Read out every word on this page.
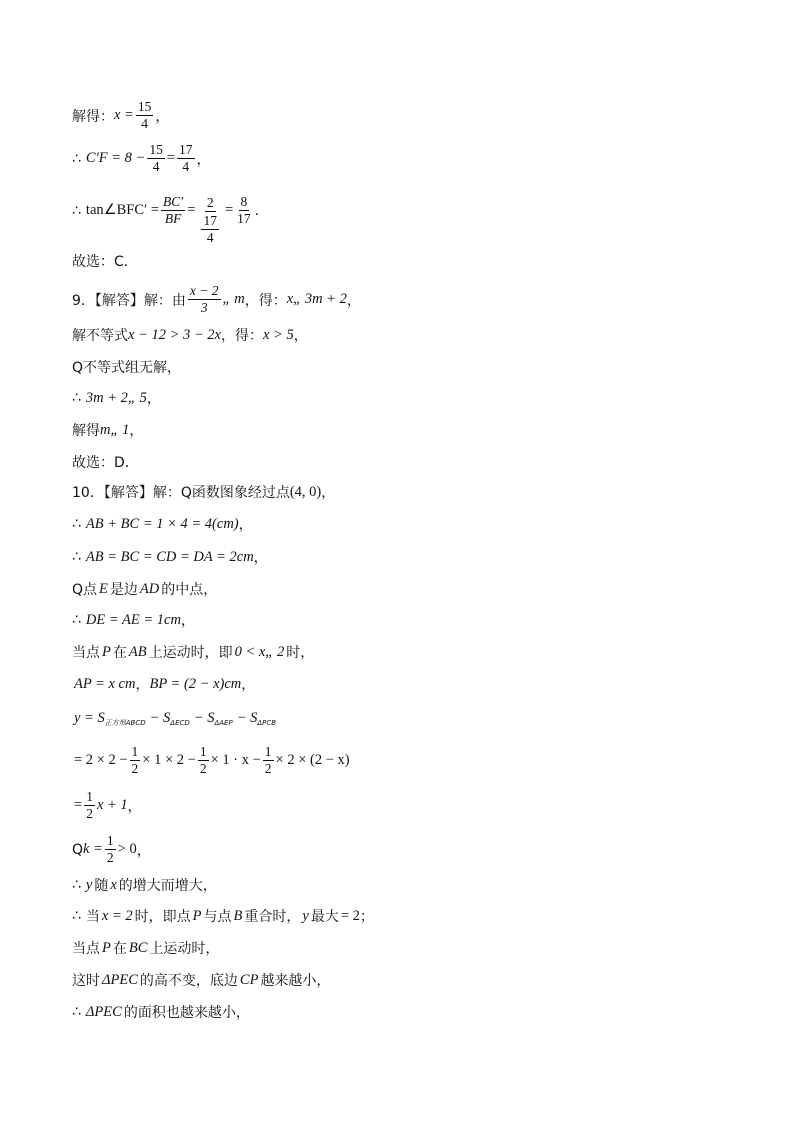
解得： $x = \frac{15}{4}$ ，
∴ $C'F = 8 - \frac{15}{4} = \frac{17}{4}$ ，
∴ tan∠BFC′ = $\frac{BC'}{BF} = \frac{2}{\frac{17}{4}} = \frac{8}{17}$ .
故选：C．
9．【解答】解：由
x − 2
3
„ m ，得： x„ 3m + 2 ，
解不等式 x − 12 > 3 − 2x ，得： x > 5 ，
Q不等式组无解，
∴ 3m + 2„ 5 ，
解得 m„ 1 ，
故选：D．
10．【解答】解：Q函数图象经过点 (4, 0) ，
∴ AB + BC = 1 × 4 = 4(cm) ，
∴ AB = BC = CD = DA = 2cm ，
Q点 E 是边 AD 的中点，
∴ DE = AE = 1cm ，
当点 P 在 AB 上运动时，即 0 < x„ 2 时，
AP = x cm ， BP = (2 − x)cm ，
y = S 正方形ABCD − S ΔECD − S ΔAEP − S ΔPCB
= $2 \times 2 - \frac{1}{2} \times 1 \times 2 - \frac{1}{2} \times 1 \cdot x - \frac{1}{2} \times 2 \times (2 - x)$
= $\frac{1}{2}$ x + 1 ，
Q $k = \frac{1}{2} > 0$ ，
∴ y 随 x 的增大而增大，
∴ 当 x = 2 时，即点 P 与点 B 重合时， y 最大 = 2 ；
当点 P 在 BC 上运动时，
这时 ΔPEC 的高不变，底边 CP 越来越小，
∴ ΔPEC 的面积也越来越小，
